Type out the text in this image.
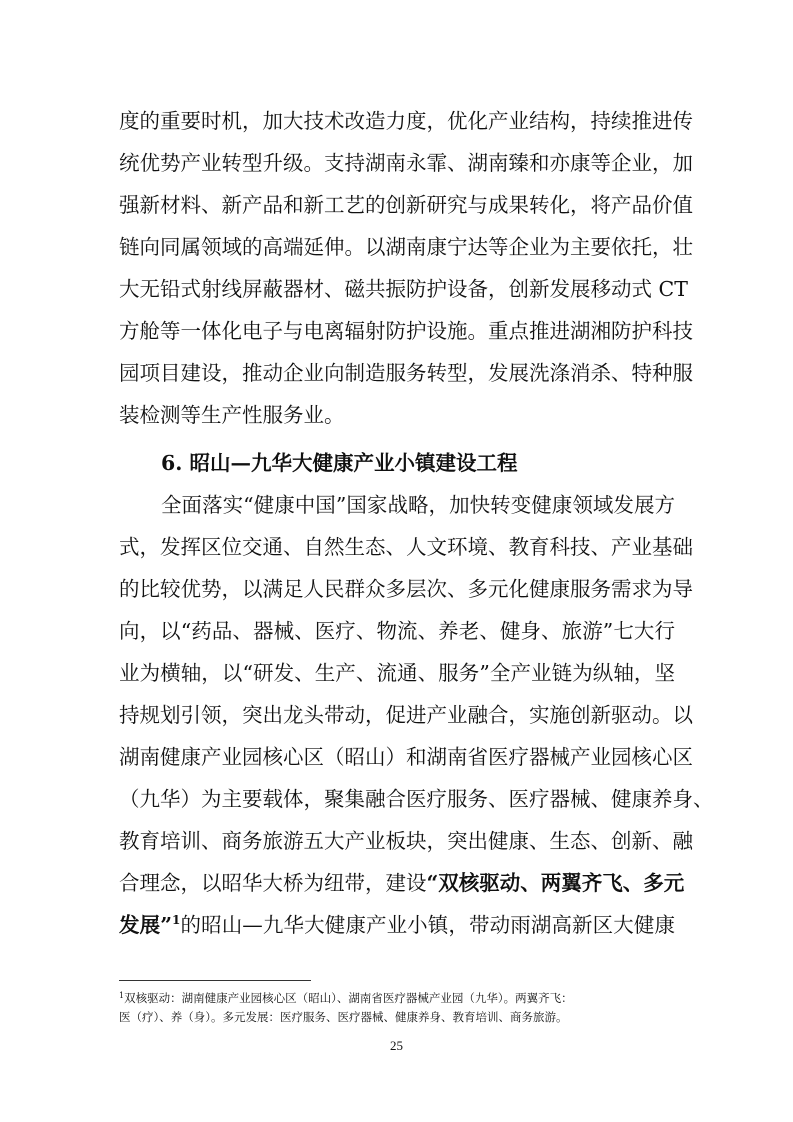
度的重要时机，加大技术改造力度，优化产业结构，持续推进传
统优势产业转型升级。支持湖南永霏、湖南臻和亦康等企业，加
强新材料、新产品和新工艺的创新研究与成果转化，将产品价值
链向同属领域的高端延伸。以湖南康宁达等企业为主要依托，壮
大无铅式射线屏蔽器材、磁共振防护设备，创新发展移动式 CT
方舱等一体化电子与电离辐射防护设施。重点推进湖湘防护科技
园项目建设，推动企业向制造服务转型，发展洗涤消杀、特种服
装检测等生产性服务业。
6. 昭山—九华大健康产业小镇建设工程
全面落实“健康中国”国家战略，加快转变健康领域发展方
式，发挥区位交通、自然生态、人文环境、教育科技、产业基础
的比较优势，以满足人民群众多层次、多元化健康服务需求为导
向，以“药品、器械、医疗、物流、养老、健身、旅游”七大行
业为横轴，以“研发、生产、流通、服务”全产业链为纵轴，坚
持规划引领，突出龙头带动，促进产业融合，实施创新驱动。以
湖南健康产业园核心区（昭山）和湖南省医疗器械产业园核心区
（九华）为主要载体，聚集融合医疗服务、医疗器械、健康养身、
教育培训、商务旅游五大产业板块，突出健康、生态、创新、融
合理念，以昭华大桥为纽带，建设“双核驱动、两翼齐飞、多元
发展”$^1$的昭山—九华大健康产业小镇，带动雨湖高新区大健康
$^1$双核驱动：湖南健康产业园核心区（昭山）、湖南省医疗器械产业园（九华）。两翼齐飞：
医（疗）、养（身）。多元发展：医疗服务、医疗器械、健康养身、教育培训、商务旅游。
25
